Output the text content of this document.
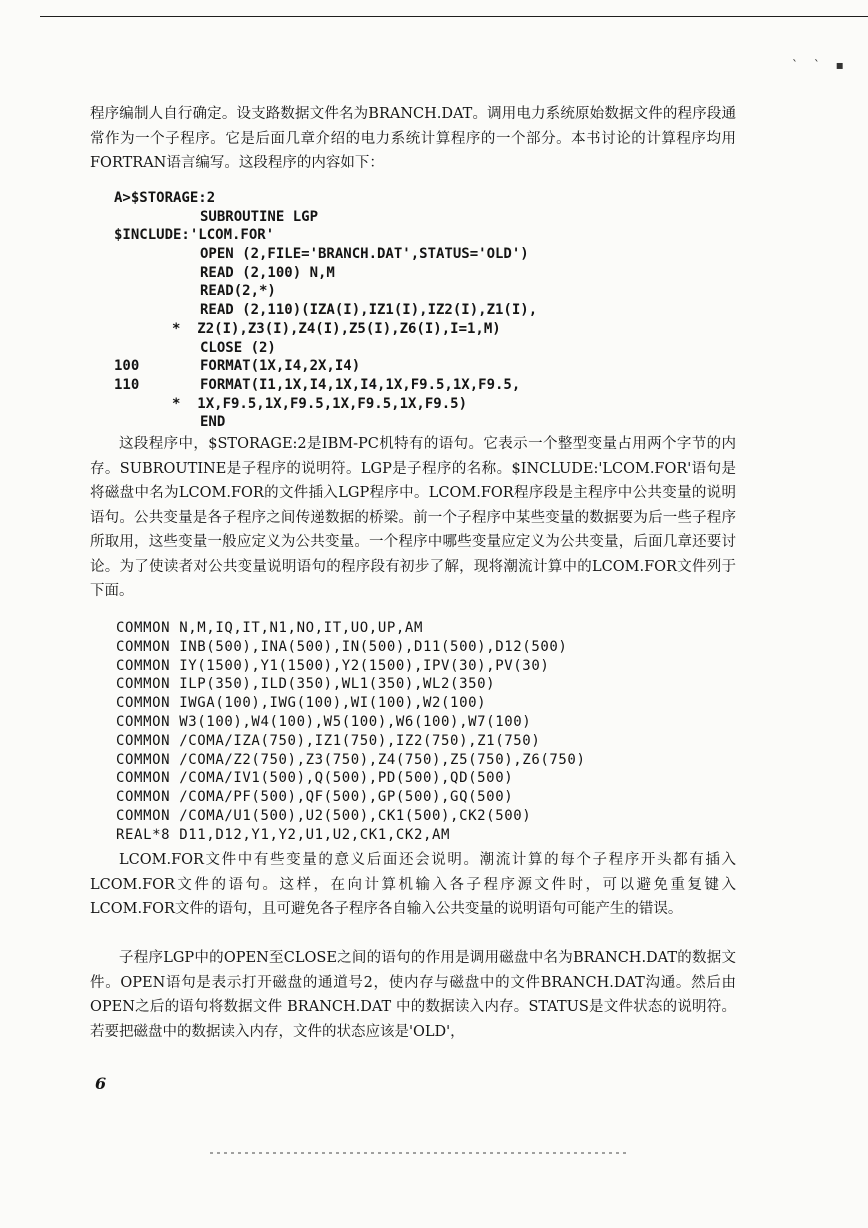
` ` ▪

程序编制人自行确定。设支路数据文件名为BRANCH.DAT。调用电力系统原始数据文件的程序段通常作为一个子程序。它是后面几章介绍的电力系统计算程序的一个部分。本书讨论的计算程序均用FORTRAN语言编写。这段程序的内容如下：

A>$STORAGE:2
SUBROUTINE LGP
$INCLUDE:'LCOM.FOR'
OPEN (2,FILE='BRANCH.DAT',STATUS='OLD')
READ (2,100) N,M
READ(2,*)
READ (2,110)(IZA(I),IZ1(I),IZ2(I),Z1(I),
*  Z2(I),Z3(I),Z4(I),Z5(I),Z6(I),I=1,M)
CLOSE (2)
100	FORMAT(1X,I4,2X,I4)
110	FORMAT(I1,1X,I4,1X,I4,1X,F9.5,1X,F9.5,
*  1X,F9.5,1X,F9.5,1X,F9.5,1X,F9.5)
END

这段程序中，$STORAGE:2是IBM-PC机特有的语句。它表示一个整型变量占用两个字节的内存。SUBROUTINE是子程序的说明符。LGP是子程序的名称。$INCLUDE:'LCOM.FOR'语句是将磁盘中名为LCOM.FOR的文件插入LGP程序中。LCOM.FOR程序段是主程序中公共变量的说明语句。公共变量是各子程序之间传递数据的桥梁。前一个子程序中某些变量的数据要为后一些子程序所取用，这些变量一般应定义为公共变量。一个程序中哪些变量应定义为公共变量，后面几章还要讨论。为了使读者对公共变量说明语句的程序段有初步了解，现将潮流计算中的LCOM.FOR文件列于下面。

COMMON N,M,IQ,IT,N1,NO,IT,UO,UP,AM
COMMON INB(500),INA(500),IN(500),D11(500),D12(500)
COMMON IY(1500),Y1(1500),Y2(1500),IPV(30),PV(30)
COMMON ILP(350),ILD(350),WL1(350),WL2(350)
COMMON IWGA(100),IWG(100),WI(100),W2(100)
COMMON W3(100),W4(100),W5(100),W6(100),W7(100)
COMMON /COMA/IZA(750),IZ1(750),IZ2(750),Z1(750)
COMMON /COMA/Z2(750),Z3(750),Z4(750),Z5(750),Z6(750)
COMMON /COMA/IV1(500),Q(500),PD(500),QD(500)
COMMON /COMA/PF(500),QF(500),GP(500),GQ(500)
COMMON /COMA/U1(500),U2(500),CK1(500),CK2(500)
REAL*8 D11,D12,Y1,Y2,U1,U2,CK1,CK2,AM

LCOM.FOR文件中有些变量的意义后面还会说明。潮流计算的每个子程序开头都有插入LCOM.FOR文件的语句。这样，在向计算机输入各子程序源文件时，可以避免重复键入LCOM.FOR文件的语句，且可避免各子程序各自输入公共变量的说明语句可能产生的错误。

子程序LGP中的OPEN至CLOSE之间的语句的作用是调用磁盘中名为BRANCH.DAT的数据文件。OPEN语句是表示打开磁盘的通道号2，使内存与磁盘中的文件BRANCH.DAT沟通。然后由OPEN之后的语句将数据文件 BRANCH.DAT 中的数据读入内存。STATUS是文件状态的说明符。若要把磁盘中的数据读入内存，文件的状态应该是'OLD'，

6
